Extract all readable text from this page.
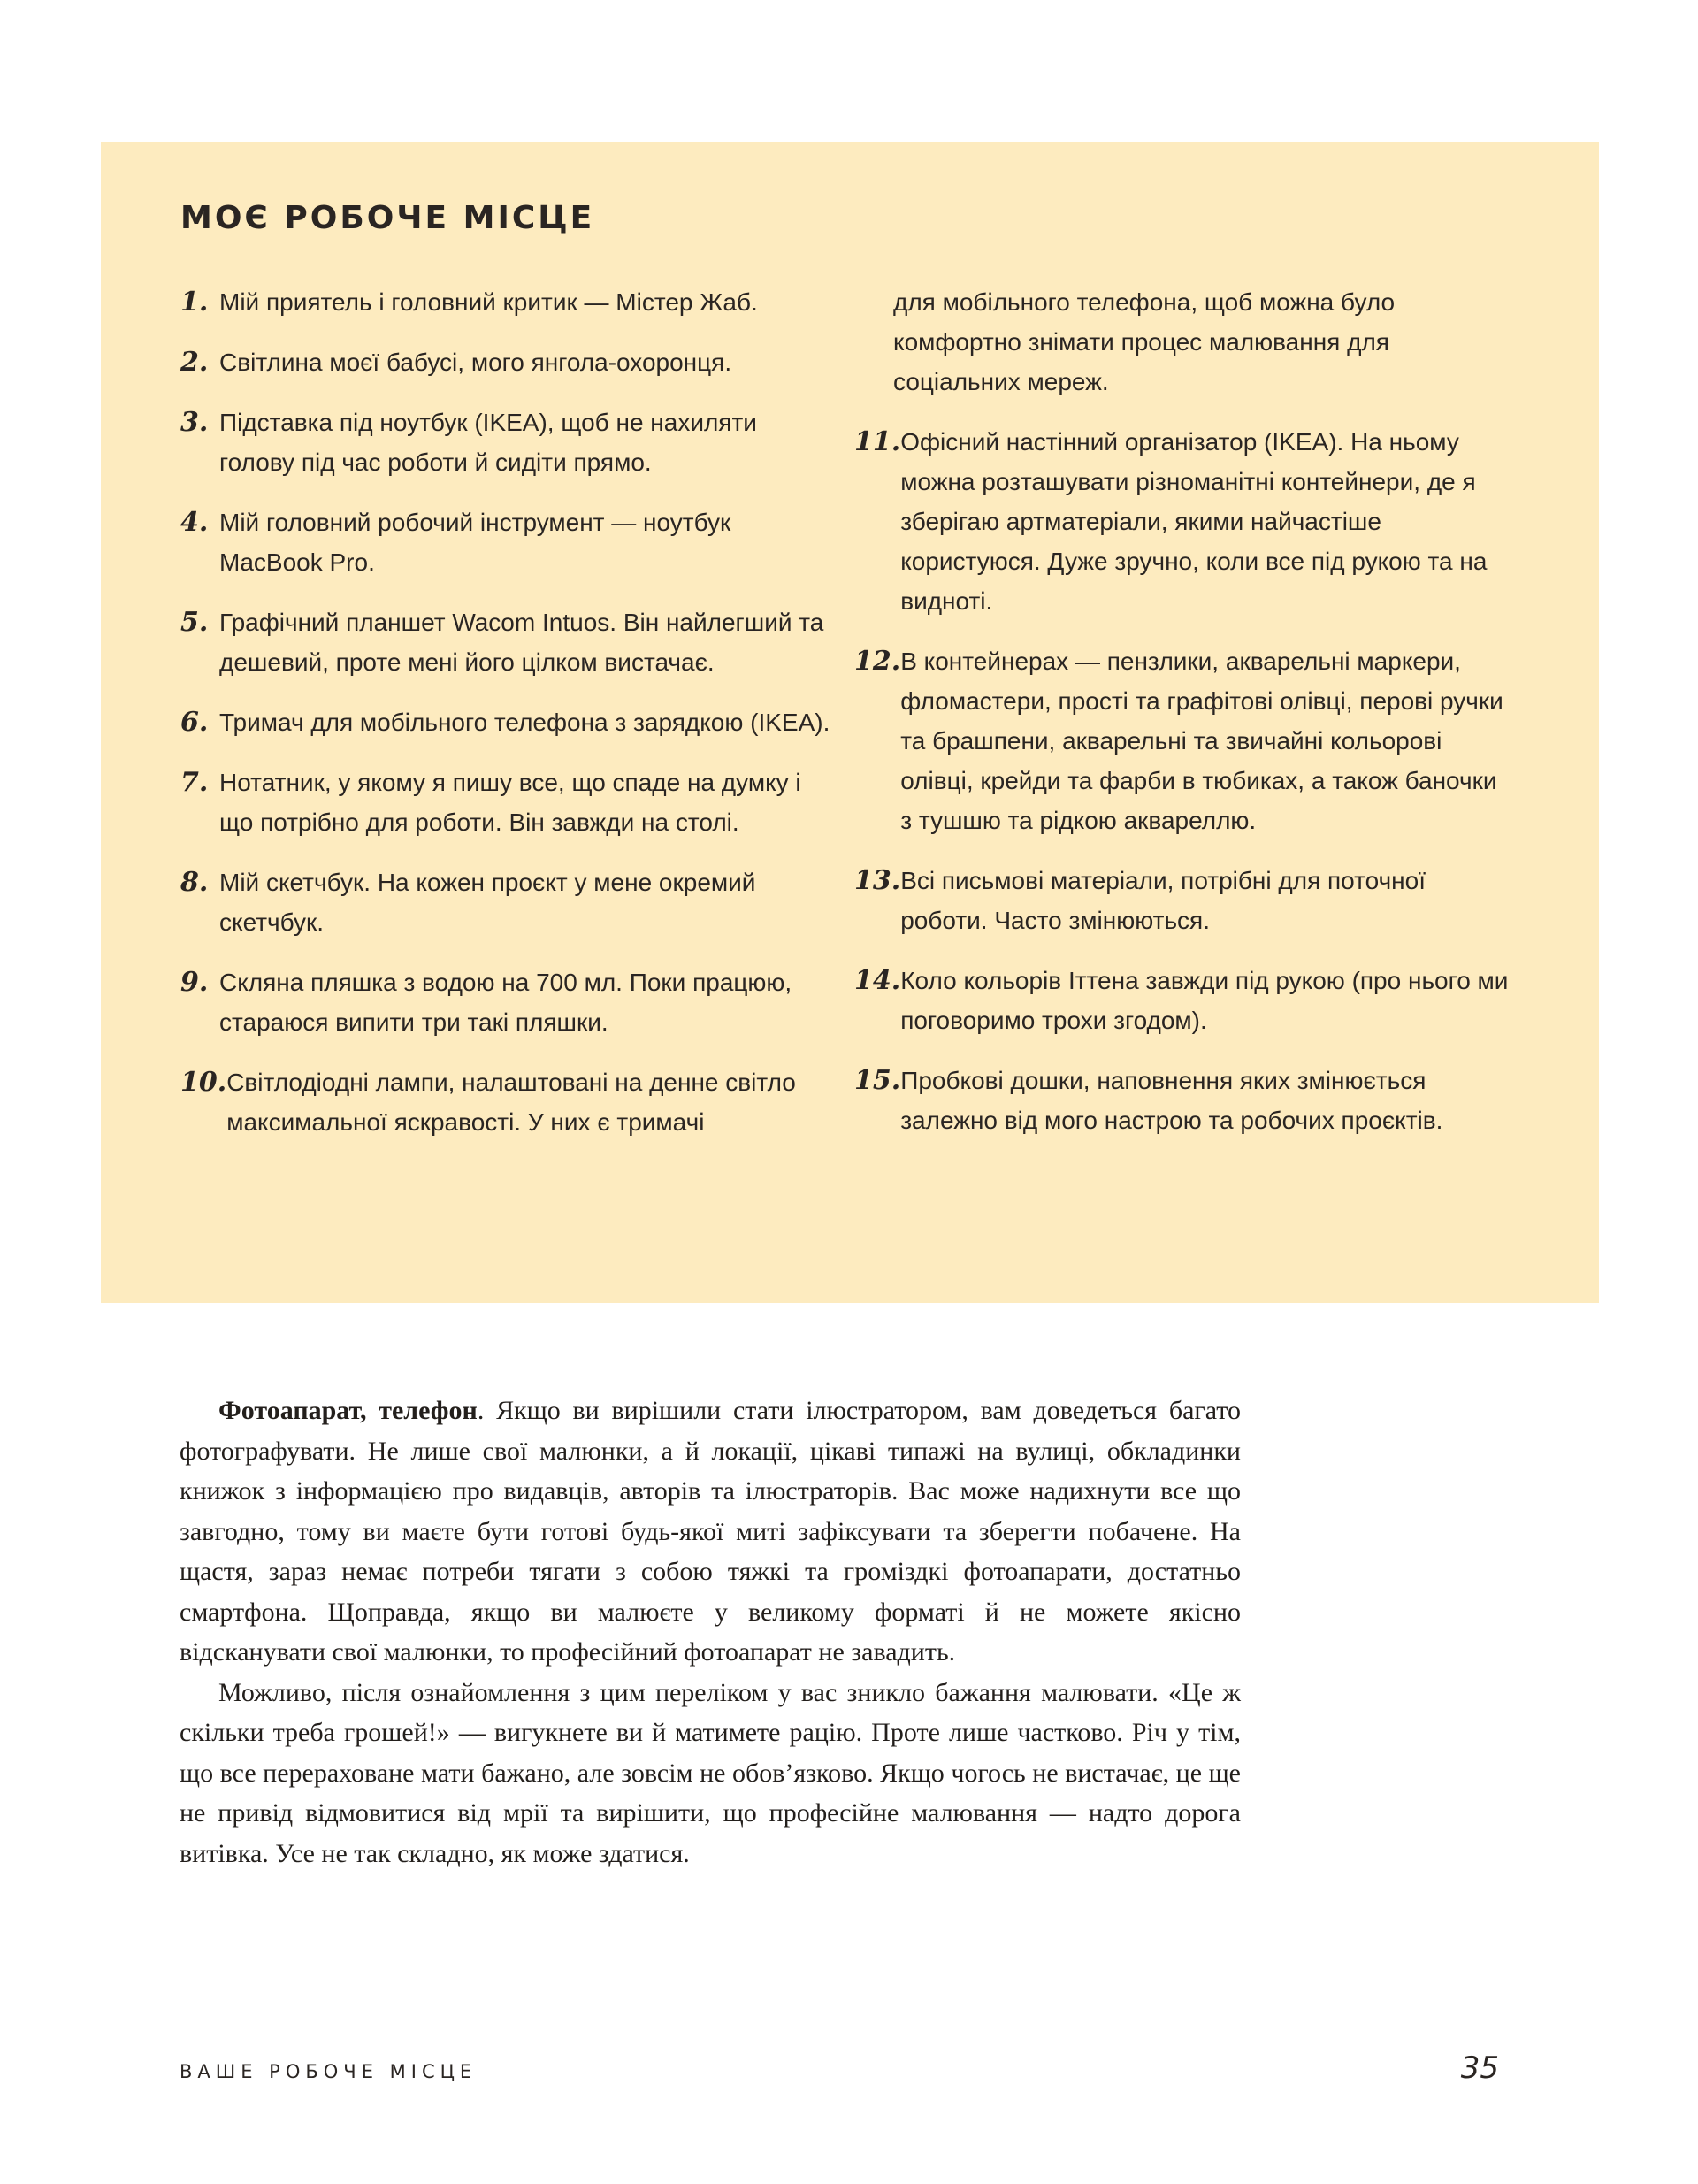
МОЄ РОБОЧЕ МІСЦЕ
1. Мій приятель і головний критик — Містер Жаб.
2. Світлина моєї бабусі, мого янгола-охоронця.
3. Підставка під ноутбук (IKEA), щоб не нахиляти голову під час роботи й сидіти прямо.
4. Мій головний робочий інструмент — ноутбук MacBook Pro.
5. Графічний планшет Wacom Intuos. Він найлегший та дешевий, проте мені його цілком вистачає.
6. Тримач для мобільного телефона з зарядкою (IKEA).
7. Нотатник, у якому я пишу все, що спаде на думку і що потрібно для роботи. Він завжди на столі.
8. Мій скетчбук. На кожен проєкт у мене окремий скетчбук.
9. Скляна пляшка з водою на 700 мл. Поки працюю, стараюся випити три такі пляшки.
10. Світлодіодні лампи, налаштовані на денне світло максимальної яскравості. У них є тримачі
для мобільного телефона, щоб можна було комфортно знімати процес малювання для соціальних мереж.
11. Офісний настінний організатор (IKEA). На ньому можна розташувати різноманітні контейнери, де я зберігаю артматеріали, якими найчастіше користуюся. Дуже зручно, коли все під рукою та на видноті.
12. В контейнерах — пензлики, акварельні маркери, фломастери, прості та графітові олівці, перові ручки та брашпени, акварельні та звичайні кольорові олівці, крейди та фарби в тюбиках, а також баночки з тушшю та рідкою аквареллю.
13. Всі письмові матеріали, потрібні для поточної роботи. Часто змінюються.
14. Коло кольорів Іттена завжди під рукою (про нього ми поговоримо трохи згодом).
15. Пробкові дошки, наповнення яких змінюється залежно від мого настрою та робочих проєктів.

Фотоапарат, телефон. Якщо ви вирішили стати ілюстратором, вам доведеться багато фотографувати. Не лише свої малюнки, а й локації, цікаві типажі на вулиці, обкладинки книжок з інформацією про видавців, авторів та ілюстраторів. Вас може надихнути все що завгодно, тому ви маєте бути готові будь-якої миті зафіксувати та зберегти побачене. На щастя, зараз немає потреби тягати з собою тяжкі та громіздкі фотоапарати, достатньо смартфона. Щоправда, якщо ви малюєте у великому форматі й не можете якісно відсканувати свої малюнки, то професійний фотоапарат не завадить.

Можливо, після ознайомлення з цим переліком у вас зникло бажання малювати. «Це ж скільки треба грошей!» — вигукнете ви й матимете рацію. Проте лише частково. Річ у тім, що все перераховане мати бажано, але зовсім не обов’язково. Якщо чогось не вистачає, це ще не привід відмовитися від мрії та вирішити, що професійне малювання — надто дорога витівка. Усе не так складно, як може здатися.

ВАШЕ РОБОЧЕ МІСЦЕ	35
